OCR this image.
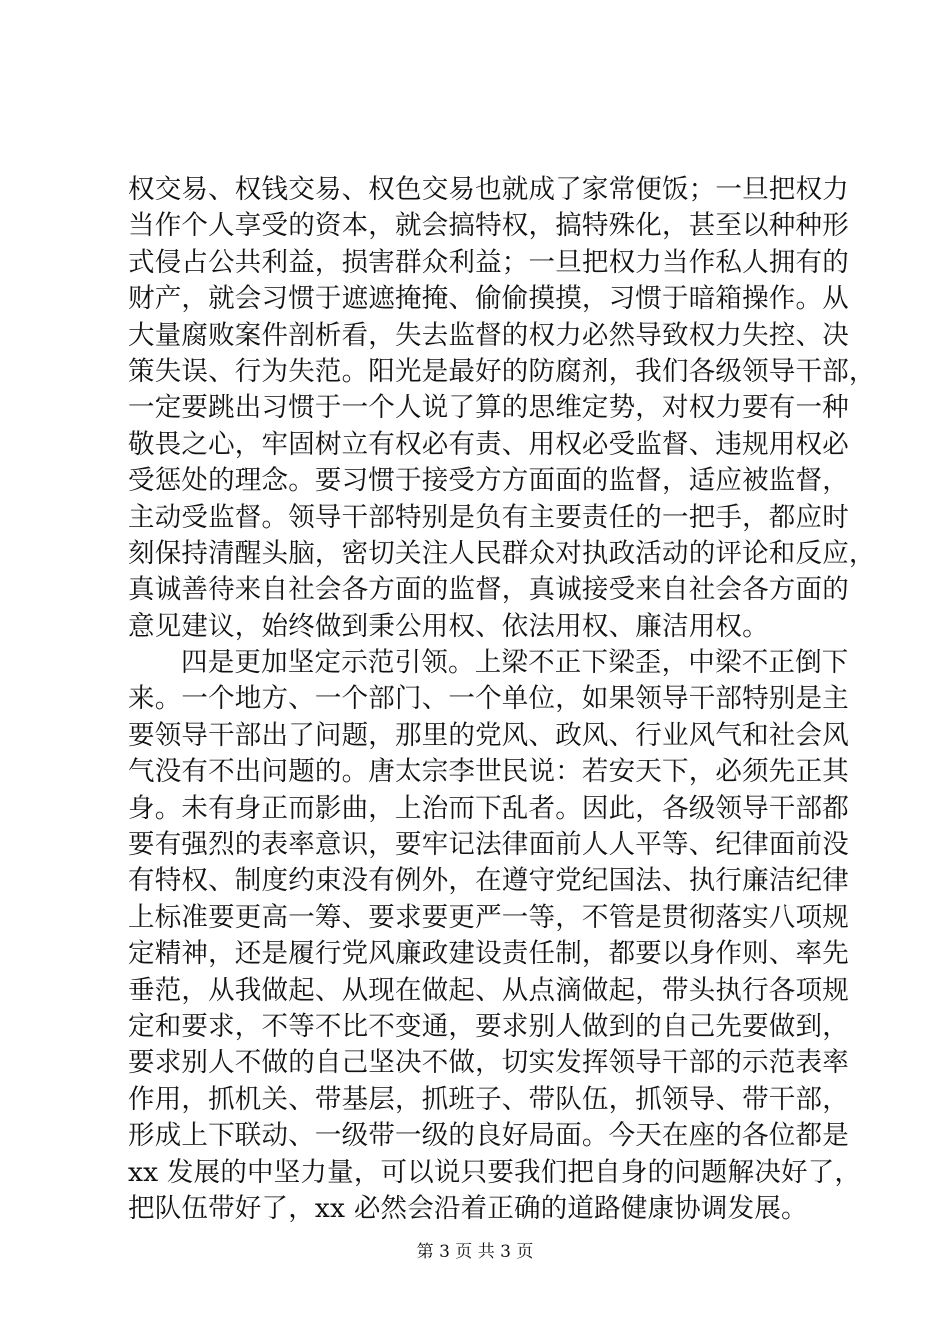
权交易、权钱交易、权色交易也就成了家常便饭；一旦把权力
当作个人享受的资本，就会搞特权，搞特殊化，甚至以种种形
式侵占公共利益，损害群众利益；一旦把权力当作私人拥有的
财产，就会习惯于遮遮掩掩、偷偷摸摸，习惯于暗箱操作。从
大量腐败案件剖析看，失去监督的权力必然导致权力失控、决
策失误、行为失范。阳光是最好的防腐剂，我们各级领导干部，
一定要跳出习惯于一个人说了算的思维定势，对权力要有一种
敬畏之心，牢固树立有权必有责、用权必受监督、违规用权必
受惩处的理念。要习惯于接受方方面面的监督，适应被监督，
主动受监督。领导干部特别是负有主要责任的一把手，都应时
刻保持清醒头脑，密切关注人民群众对执政活动的评论和反应，
真诚善待来自社会各方面的监督，真诚接受来自社会各方面的
意见建议，始终做到秉公用权、依法用权、廉洁用权。
四是更加坚定示范引领。上梁不正下梁歪，中梁不正倒下
来。一个地方、一个部门、一个单位，如果领导干部特别是主
要领导干部出了问题，那里的党风、政风、行业风气和社会风
气没有不出问题的。唐太宗李世民说：若安天下，必须先正其
身。未有身正而影曲，上治而下乱者。因此，各级领导干部都
要有强烈的表率意识，要牢记法律面前人人平等、纪律面前没
有特权、制度约束没有例外，在遵守党纪国法、执行廉洁纪律
上标准要更高一筹、要求要更严一等，不管是贯彻落实八项规
定精神，还是履行党风廉政建设责任制，都要以身作则、率先
垂范，从我做起、从现在做起、从点滴做起，带头执行各项规
定和要求，不等不比不变通，要求别人做到的自己先要做到，
要求别人不做的自己坚决不做，切实发挥领导干部的示范表率
作用，抓机关、带基层，抓班子、带队伍，抓领导、带干部，
形成上下联动、一级带一级的良好局面。今天在座的各位都是
xx 发展的中坚力量，可以说只要我们把自身的问题解决好了，
把队伍带好了，xx 必然会沿着正确的道路健康协调发展。
第 3 页 共 3 页
